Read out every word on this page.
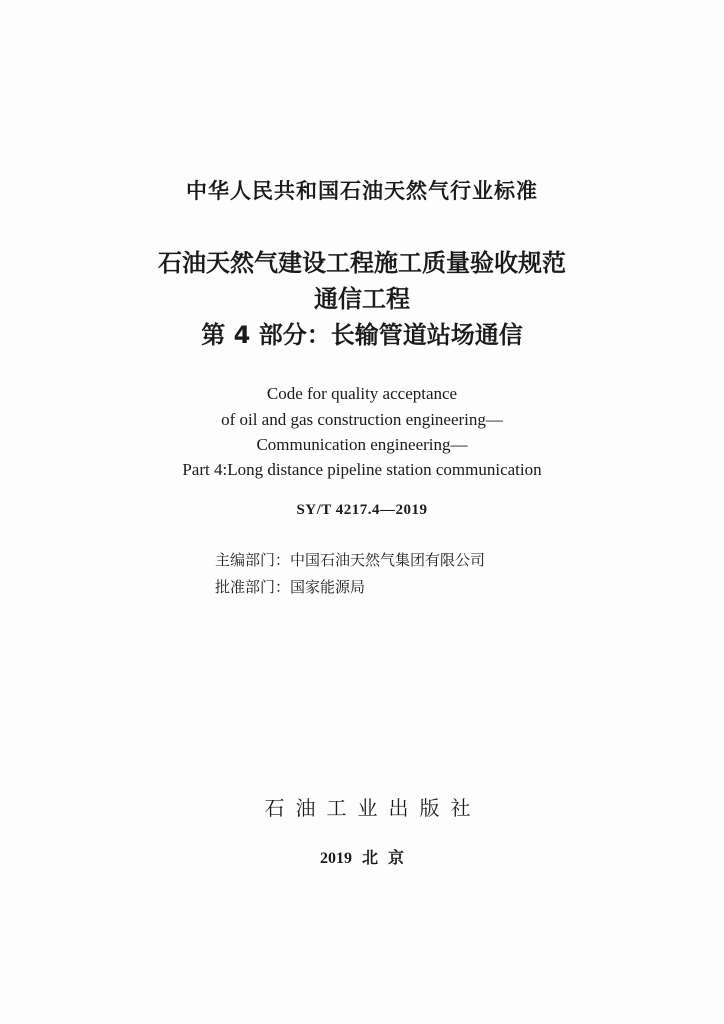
中华人民共和国石油天然气行业标准
石油天然气建设工程施工质量验收规范
通信工程
第 4 部分：长输管道站场通信
Code for quality acceptance
of oil and gas construction engineering—
Communication engineering—
Part 4:Long distance pipeline station communication
SY/T 4217.4—2019
主编部门：中国石油天然气集团有限公司
批准部门：国家能源局
石油工业出版社
2019 北 京
